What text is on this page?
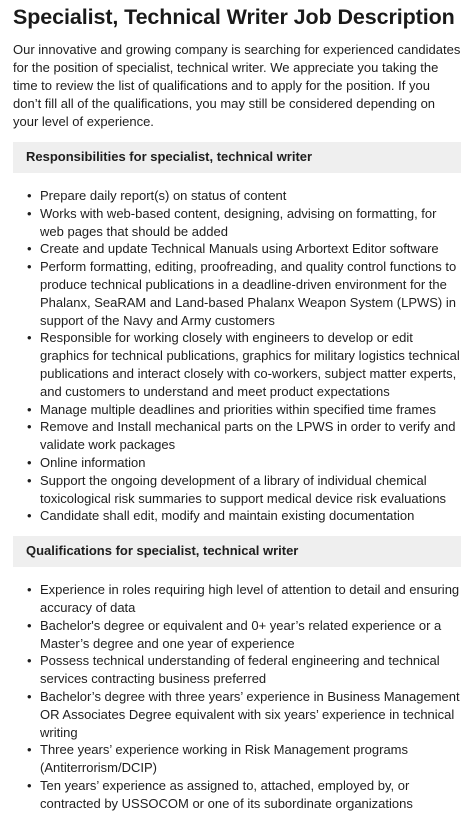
Specialist, Technical Writer Job Description

Our innovative and growing company is searching for experienced candidates for the position of specialist, technical writer. We appreciate you taking the time to review the list of qualifications and to apply for the position. If you don’t fill all of the qualifications, you may still be considered depending on your level of experience.

Responsibilities for specialist, technical writer
• Prepare daily report(s) on status of content
• Works with web-based content, designing, advising on formatting, for web pages that should be added
• Create and update Technical Manuals using Arbortext Editor software
• Perform formatting, editing, proofreading, and quality control functions to produce technical publications in a deadline-driven environment for the Phalanx, SeaRAM and Land-based Phalanx Weapon System (LPWS) in support of the Navy and Army customers
• Responsible for working closely with engineers to develop or edit graphics for technical publications, graphics for military logistics technical publications and interact closely with co-workers, subject matter experts, and customers to understand and meet product expectations
• Manage multiple deadlines and priorities within specified time frames
• Remove and Install mechanical parts on the LPWS in order to verify and validate work packages
• Online information
• Support the ongoing development of a library of individual chemical toxicological risk summaries to support medical device risk evaluations
• Candidate shall edit, modify and maintain existing documentation
Qualifications for specialist, technical writer
• Experience in roles requiring high level of attention to detail and ensuring accuracy of data
• Bachelor's degree or equivalent and 0+ year’s related experience or a Master’s degree and one year of experience
• Possess technical understanding of federal engineering and technical services contracting business preferred
• Bachelor’s degree with three years’ experience in Business Management OR Associates Degree equivalent with six years’ experience in technical writing
• Three years’ experience working in Risk Management programs (Antiterrorism/DCIP)
• Ten years’ experience as assigned to, attached, employed by, or contracted by USSOCOM or one of its subordinate organizations
